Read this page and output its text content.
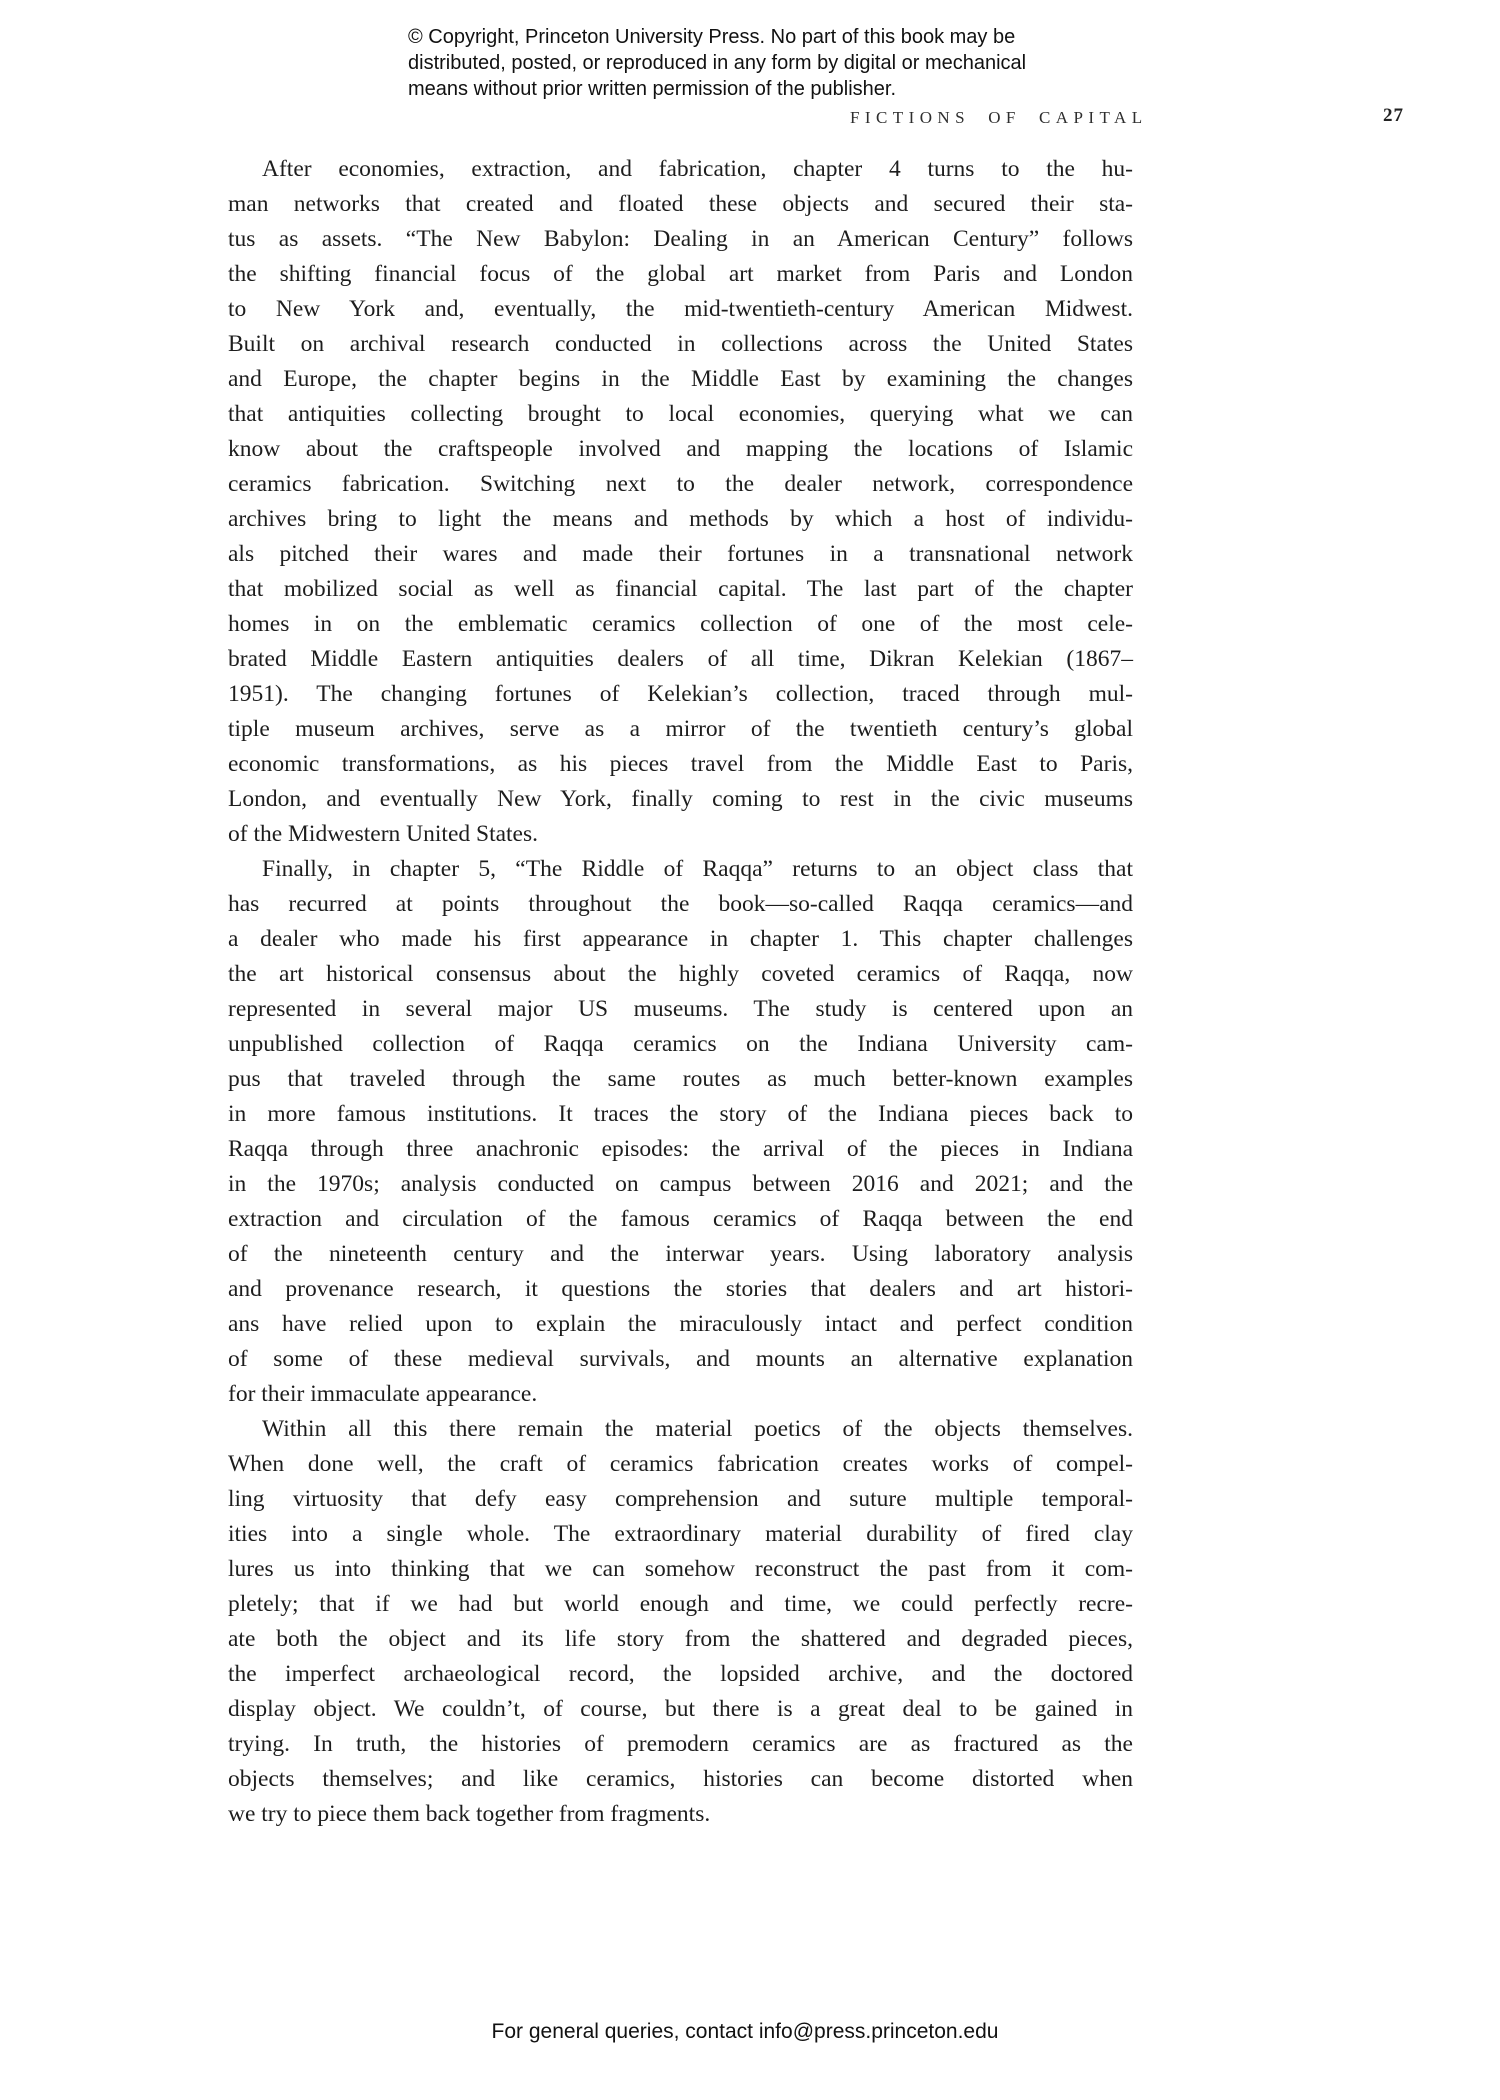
© Copyright, Princeton University Press. No part of this book may be
distributed, posted, or reproduced in any form by digital or mechanical
means without prior written permission of the publisher.
FICTIONS OF CAPITAL	27
After economies, extraction, and fabrication, chapter 4 turns to the hu-
man networks that created and floated these objects and secured their sta-
tus as assets. “The New Babylon: Dealing in an American Century” follows
the shifting financial focus of the global art market from Paris and London
to New York and, eventually, the mid-twentieth-century American Midwest.
Built on archival research conducted in collections across the United States
and Europe, the chapter begins in the Middle East by examining the changes
that antiquities collecting brought to local economies, querying what we can
know about the craftspeople involved and mapping the locations of Islamic
ceramics fabrication. Switching next to the dealer network, correspondence
archives bring to light the means and methods by which a host of individu-
als pitched their wares and made their fortunes in a transnational network
that mobilized social as well as financial capital. The last part of the chapter
homes in on the emblematic ceramics collection of one of the most cele-
brated Middle Eastern antiquities dealers of all time, Dikran Kelekian (1867–
1951). The changing fortunes of Kelekian’s collection, traced through mul-
tiple museum archives, serve as a mirror of the twentieth century’s global
economic transformations, as his pieces travel from the Middle East to Paris,
London, and eventually New York, finally coming to rest in the civic museums
of the Midwestern United States.
Finally, in chapter 5, “The Riddle of Raqqa” returns to an object class that
has recurred at points throughout the book—so-called Raqqa ceramics—and
a dealer who made his first appearance in chapter 1. This chapter challenges
the art historical consensus about the highly coveted ceramics of Raqqa, now
represented in several major US museums. The study is centered upon an
unpublished collection of Raqqa ceramics on the Indiana University cam-
pus that traveled through the same routes as much better-known examples
in more famous institutions. It traces the story of the Indiana pieces back to
Raqqa through three anachronic episodes: the arrival of the pieces in Indiana
in the 1970s; analysis conducted on campus between 2016 and 2021; and the
extraction and circulation of the famous ceramics of Raqqa between the end
of the nineteenth century and the interwar years. Using laboratory analysis
and provenance research, it questions the stories that dealers and art histori-
ans have relied upon to explain the miraculously intact and perfect condition
of some of these medieval survivals, and mounts an alternative explanation
for their immaculate appearance.
Within all this there remain the material poetics of the objects themselves.
When done well, the craft of ceramics fabrication creates works of compel-
ling virtuosity that defy easy comprehension and suture multiple temporal-
ities into a single whole. The extraordinary material durability of fired clay
lures us into thinking that we can somehow reconstruct the past from it com-
pletely; that if we had but world enough and time, we could perfectly recre-
ate both the object and its life story from the shattered and degraded pieces,
the imperfect archaeological record, the lopsided archive, and the doctored
display object. We couldn’t, of course, but there is a great deal to be gained in
trying. In truth, the histories of premodern ceramics are as fractured as the
objects themselves; and like ceramics, histories can become distorted when
we try to piece them back together from fragments.
For general queries, contact info@press.princeton.edu
